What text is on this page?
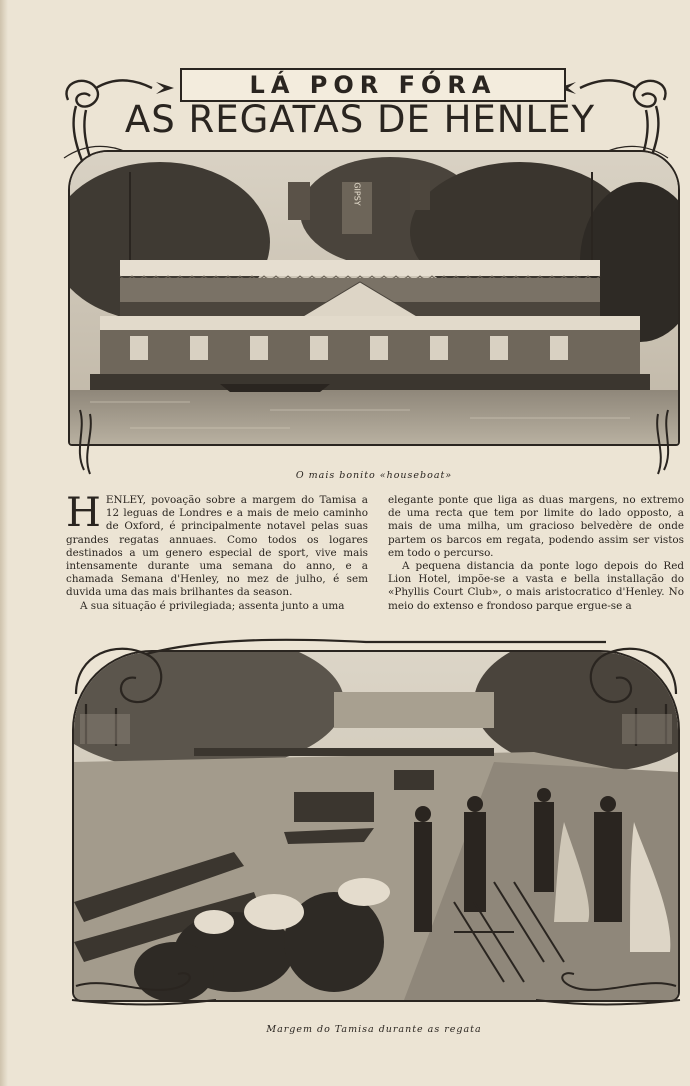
LÁ POR FÓRA
AS REGATAS DE HENLEY
GIPSY
O mais bonito «houseboat»

HENLEY, povoação sobre a margem do Tamisa a 12 leguas de Londres e a mais de meio caminho de Oxford, é principalmente notavel pelas suas grandes regatas annuaes. Como todos os logares destinados a um genero especial de sport, vive mais intensamente durante uma semana do anno, e a chamada Semana d'Henley, no mez de julho, é sem duvida uma das mais brilhantes da season.

A sua situação é privilegiada; assenta junto a uma

elegante ponte que liga as duas margens, no extremo de uma recta que tem por limite do lado opposto, a mais de uma milha, um gracioso belvedère de onde partem os barcos em regata, podendo assim ser vistos em todo o percurso.

A pequena distancia da ponte logo depois do Red Lion Hotel, impõe-se a vasta e bella installação do «Phyllis Court Club», o mais aristocratico d'Henley. No meio do extenso e frondoso parque ergue-se a

Margem do Tamisa durante as regata
